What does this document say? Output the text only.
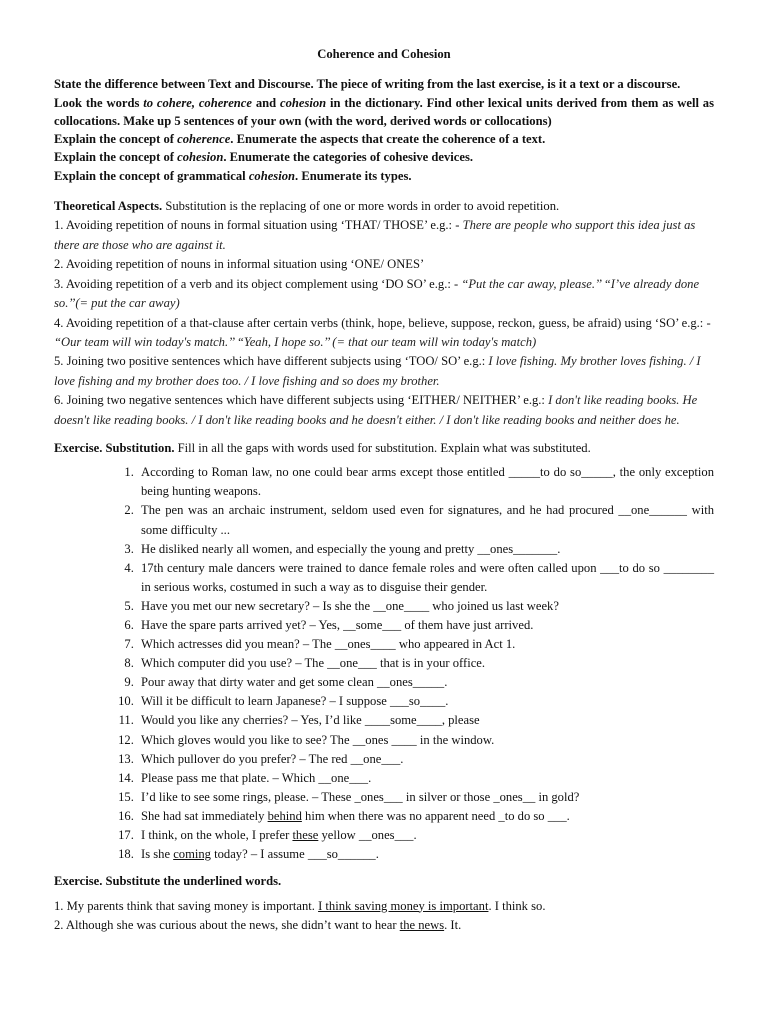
Coherence and Cohesion

State the difference between Text and Discourse. The piece of writing from the last exercise, is it a text or a discourse.

Look the words to cohere, coherence and cohesion in the dictionary. Find other lexical units derived from them as well as collocations. Make up 5 sentences of your own (with the word, derived words or collocations)

Explain the concept of coherence. Enumerate the aspects that create the coherence of a text.

Explain the concept of cohesion. Enumerate the categories of cohesive devices.

Explain the concept of grammatical cohesion. Enumerate its types.

Theoretical Aspects. Substitution is the replacing of one or more words in order to avoid repetition.

1. Avoiding repetition of nouns in formal situation using ‘THAT/ THOSE’ e.g.: - There are people who support this idea just as there are those who are against it.

2. Avoiding repetition of nouns in informal situation using ‘ONE/ ONES’

3. Avoiding repetition of a verb and its object complement using ‘DO SO’ e.g.: - “Put the car away, please.’’ “I’ve already done so.’’(= put the car away)

4. Avoiding repetition of a that-clause after certain verbs (think, hope, believe, suppose, reckon, guess, be afraid) using ‘SO’ e.g.: - “Our team will win today's match.’’ “Yeah, I hope so.’’ (= that our team will win today's match)

5. Joining two positive sentences which have different subjects using ‘TOO/ SO’ e.g.: I love fishing. My brother loves fishing. / I love fishing and my brother does too. / I love fishing and so does my brother.

6. Joining two negative sentences which have different subjects using ‘EITHER/ NEITHER’ e.g.: I don't like reading books. He doesn't like reading books. / I don't like reading books and he doesn't either. / I don't like reading books and neither does he.

Exercise. Substitution. Fill in all the gaps with words used for substitution. Explain what was substituted.
1. According to Roman law, no one could bear arms except those entitled _____to do so_____, the only exception being hunting weapons.
2. The pen was an archaic instrument, seldom used even for signatures, and he had procured __one______ with some difficulty ...
3. He disliked nearly all women, and especially the young and pretty __ones_______.
4. 17th century male dancers were trained to dance female roles and were often called upon ___to do so ________ in serious works, costumed in such a way as to disguise their gender.
5. Have you met our new secretary? – Is she the __one____ who joined us last week?
6. Have the spare parts arrived yet? – Yes, __some___ of them have just arrived.
7. Which actresses did you mean? – The __ones____ who appeared in Act 1.
8. Which computer did you use? – The __one___ that is in your office.
9. Pour away that dirty water and get some clean __ones_____.
10. Will it be difficult to learn Japanese? – I suppose ___so____.
11. Would you like any cherries? – Yes, I’d like ____some____, please
12. Which gloves would you like to see? The __ones ____ in the window.
13. Which pullover do you prefer? – The red __one___.
14. Please pass me that plate. – Which __one___.
15. I’d like to see some rings, please. – These _ones___ in silver or those _ones__ in gold?
16. She had sat immediately behind him when there was no apparent need _to do so ___.
17. I think, on the whole, I prefer these yellow __ones___.
18. Is she coming today? – I assume ___so______.
Exercise. Substitute the underlined words.

1. My parents think that saving money is important. I think saving money is important. I think so.

2. Although she was curious about the news, she didn’t want to hear the news. It.
